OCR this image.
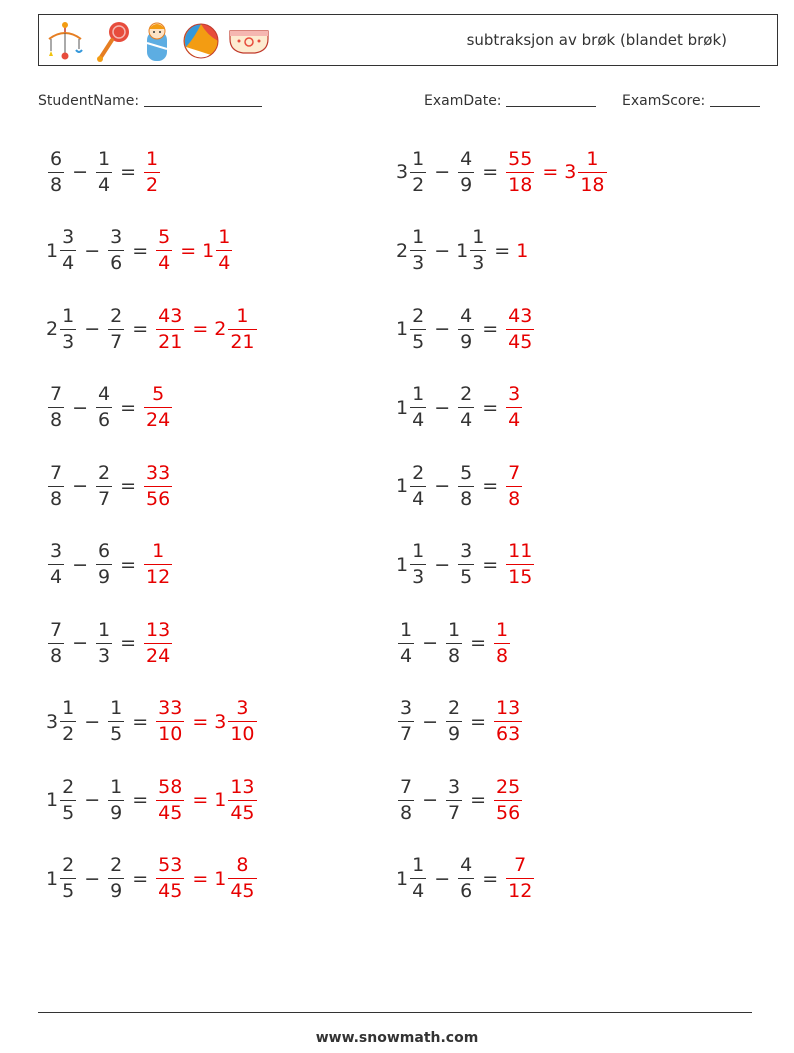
subtraksjon av brøk (blandet brøk)
StudentName:	ExamDate:	ExamScore:
$\frac{6}{8} - \frac{1}{4} = \frac{1}{2}$	$3 \frac{1}{2} - \frac{4}{9} = \frac{55}{18} = 3 \frac{1}{18}$
$1 \frac{3}{4} - \frac{3}{6} = \frac{5}{4} = 1 \frac{1}{4}$	$2 \frac{1}{3} - 1 \frac{1}{3} = 1$
$2 \frac{1}{3} - \frac{2}{7} = \frac{43}{21} = 2 \frac{1}{21}$	$1 \frac{2}{5} - \frac{4}{9} = \frac{43}{45}$
$\frac{7}{8} - \frac{4}{6} = \frac{5}{24}$	$1 \frac{1}{4} - \frac{2}{4} = \frac{3}{4}$
$\frac{7}{8} - \frac{2}{7} = \frac{33}{56}$	$1 \frac{2}{4} - \frac{5}{8} = \frac{7}{8}$
$\frac{3}{4} - \frac{6}{9} = \frac{1}{12}$	$1 \frac{1}{3} - \frac{3}{5} = \frac{11}{15}$
$\frac{7}{8} - \frac{1}{3} = \frac{13}{24}$	$\frac{1}{4} - \frac{1}{8} = \frac{1}{8}$
$3 \frac{1}{2} - \frac{1}{5} = \frac{33}{10} = 3 \frac{3}{10}$	$\frac{3}{7} - \frac{2}{9} = \frac{13}{63}$
$1 \frac{2}{5} - \frac{1}{9} = \frac{58}{45} = 1 \frac{13}{45}$	$\frac{7}{8} - \frac{3}{7} = \frac{25}{56}$
$1 \frac{2}{5} - \frac{2}{9} = \frac{53}{45} = 1 \frac{8}{45}$	$1 \frac{1}{4} - \frac{4}{6} = \frac{7}{12}$
www.snowmath.com
